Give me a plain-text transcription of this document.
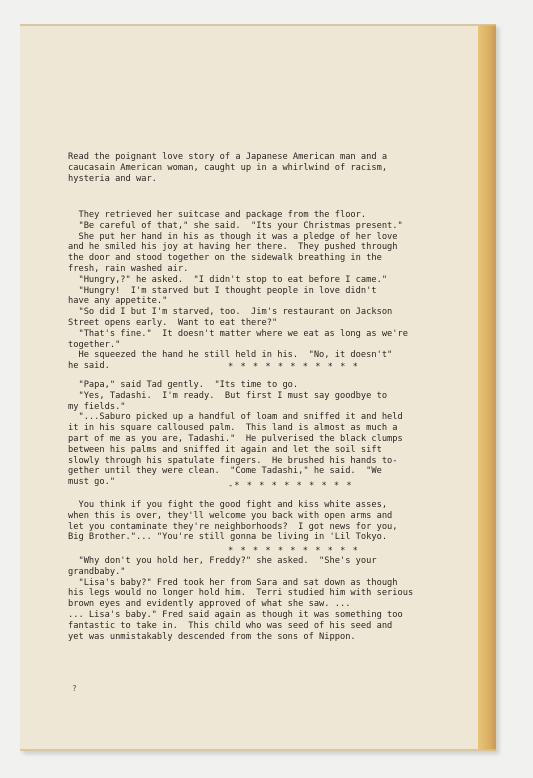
Read the poignant love story of a Japanese American man and a
caucasain American woman, caught up in a whirlwind of racism,
hysteria and war.
They retrieved her suitcase and package from the floor.
"Be careful of that," she said.  "Its your Christmas present."
She put her hand in his as though it was a pledge of her love
and he smiled his joy at having her there.  They pushed through
the door and stood together on the sidewalk breathing in the
fresh, rain washed air.
"Hungry,?" he asked.  "I didn't stop to eat before I came."
"Hungry!  I'm starved but I thought people in love didn't
have any appetite."
"So did I but I'm starved, too.  Jim's restaurant on Jackson
Street opens early.  Want to eat there?"
"That's fine."  It doesn't matter where we eat as long as we're
together."
He squeezed the hand he still held in his.  "No, it doesn't"
he said.	* * * * * * * * * * *
"Papa," said Tad gently.  "Its time to go.
"Yes, Tadashi.  I'm ready.  But first I must say goodbye to
my fields."
"...Saburo picked up a handful of loam and sniffed it and held
it in his square calloused palm.  This land is almost as much a
part of me as you are, Tadashi."  He pulverised the black clumps
between his palms and sniffed it again and let the soil sift
slowly through his spatulate fingers.  He brushed his hands to-
gether until they were clean.  "Come Tadashi," he said.  "We
must go."	-* * * * * * * * * *
You think if you fight the good fight and kiss white asses,
when this is over, they'll welcome you back with open arms and
let you contaminate they're neighborhoods?  I got news for you,
Big Brother."... "You're still gonna be living in 'Lil Tokyo.
* * * * * * * * * * *
"Why don't you hold her, Freddy?" she asked.  "She's your
grandbaby."
"Lisa's baby?" Fred took her from Sara and sat down as though
his legs would no longer hold him.  Terri studied him with serious
brown eyes and evidently approved of what she saw. ...
... Lisa's baby." Fred said again as though it was something too
fantastic to take in.  This child who was seed of his seed and
yet was unmistakably descended from the sons of Nippon.
?
